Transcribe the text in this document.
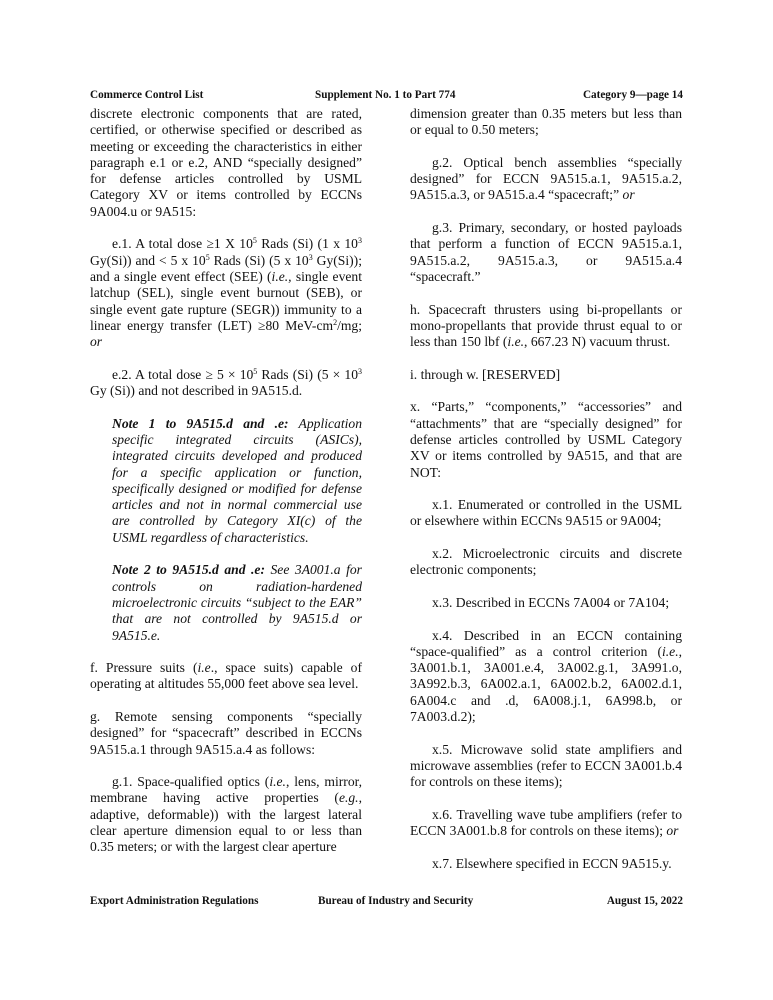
Commerce Control List	Supplement No. 1 to Part 774	Category 9—page 14

discrete electronic components that are rated, certified, or otherwise specified or described as meeting or exceeding the characteristics in either paragraph e.1 or e.2, AND “specially designed” for defense articles controlled by USML Category XV or items controlled by ECCNs 9A004.u or 9A515:

e.1. A total dose ≥1 X $10^5$ Rads (Si) (1 x $10^3$ Gy(Si)) and < 5 x $10^5$ Rads (Si) (5 x $10^3$ Gy(Si)); and a single event effect (SEE) (i.e., single event latchup (SEL), single event burnout (SEB), or single event gate rupture (SEGR)) immunity to a linear energy transfer (LET) ≥80 MeV-$cm^2/mg$; or

e.2. A total dose ≥ $5 \times 10^5$ Rads (Si) ($5 \times 10^3$ Gy (Si)) and not described in 9A515.d.

Note 1 to 9A515.d and .e: Application specific integrated circuits (ASICs), integrated circuits developed and produced for a specific application or function, specifically designed or modified for defense articles and not in normal commercial use are controlled by Category XI(c) of the USML regardless of characteristics.

Note 2 to 9A515.d and .e: See 3A001.a for controls on radiation-hardened microelectronic circuits “subject to the EAR” that are not controlled by 9A515.d or 9A515.e.

f. Pressure suits (i.e., space suits) capable of operating at altitudes 55,000 feet above sea level.

g. Remote sensing components “specially designed” for “spacecraft” described in ECCNs 9A515.a.1 through 9A515.a.4 as follows:

g.1. Space-qualified optics (i.e., lens, mirror, membrane having active properties (e.g., adaptive, deformable)) with the largest lateral clear aperture dimension equal to or less than 0.35 meters; or with the largest clear aperture

dimension greater than 0.35 meters but less than or equal to 0.50 meters;

g.2. Optical bench assemblies “specially designed” for ECCN 9A515.a.1, 9A515.a.2, 9A515.a.3, or 9A515.a.4 “spacecraft;” or

g.3. Primary, secondary, or hosted payloads that perform a function of ECCN 9A515.a.1, 9A515.a.2, 9A515.a.3, or 9A515.a.4 “spacecraft.”

h. Spacecraft thrusters using bi-propellants or mono-propellants that provide thrust equal to or less than 150 lbf (i.e., 667.23 N) vacuum thrust.

i. through w. [RESERVED]

x. “Parts,” “components,” “accessories” and “attachments” that are “specially designed” for defense articles controlled by USML Category XV or items controlled by 9A515, and that are NOT:

x.1. Enumerated or controlled in the USML or elsewhere within ECCNs 9A515 or 9A004;

x.2. Microelectronic circuits and discrete electronic components;

x.3. Described in ECCNs 7A004 or 7A104;

x.4. Described in an ECCN containing “space-qualified” as a control criterion (i.e., 3A001.b.1, 3A001.e.4, 3A002.g.1, 3A991.o, 3A992.b.3, 6A002.a.1, 6A002.b.2, 6A002.d.1, 6A004.c and .d, 6A008.j.1, 6A998.b, or 7A003.d.2);

x.5. Microwave solid state amplifiers and microwave assemblies (refer to ECCN 3A001.b.4 for controls on these items);

x.6. Travelling wave tube amplifiers (refer to ECCN 3A001.b.8 for controls on these items); or

x.7. Elsewhere specified in ECCN 9A515.y.

Export Administration Regulations	Bureau of Industry and Security	August 15, 2022
